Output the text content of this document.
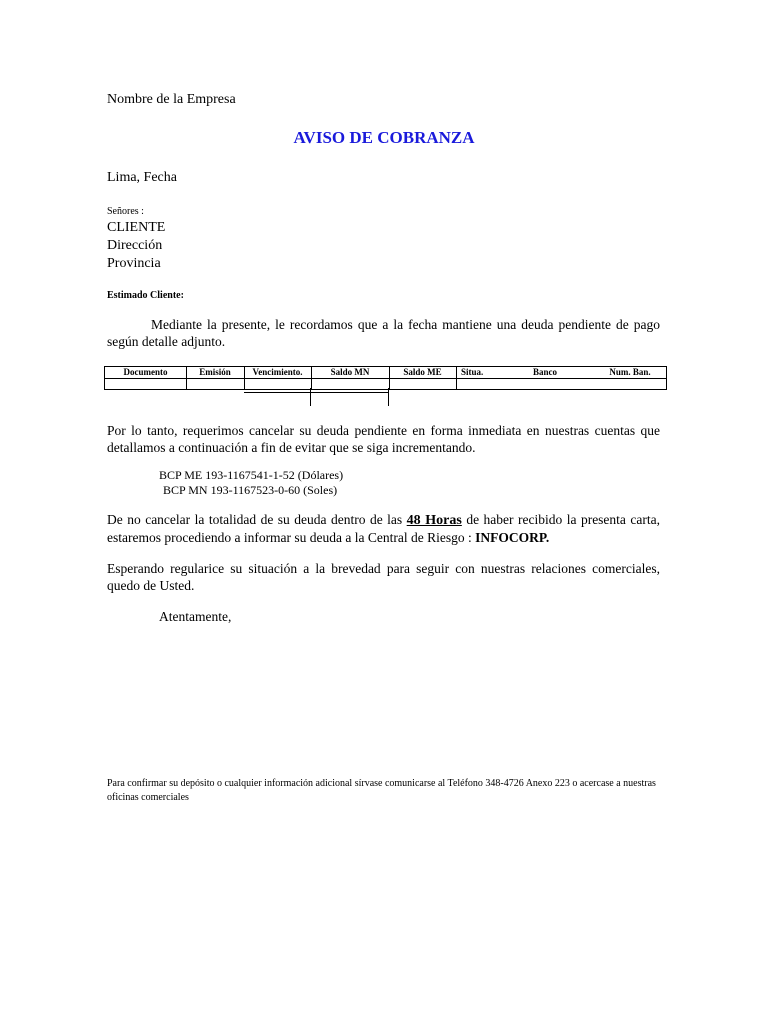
Nombre de la Empresa
AVISO DE COBRANZA
Lima, Fecha
Señores :
CLIENTE
Dirección
Provincia
Estimado Cliente:
Mediante la presente, le recordamos que a la fecha mantiene una deuda pendiente de pago según detalle adjunto.
Documento	Emisión	Vencimiento.	Saldo MN	Saldo ME	Situa.	Banco	Num. Ban.
Por lo tanto, requerimos cancelar su deuda pendiente en forma inmediata en nuestras cuentas que detallamos a continuación a fin de evitar que se siga incrementando.
BCP ME 193-1167541-1-52 (Dólares)
BCP MN 193-1167523-0-60 (Soles)
De no cancelar la totalidad de su deuda dentro de las 48 Horas de haber recibido la presenta carta, estaremos procediendo a informar su deuda a la Central de Riesgo : INFOCORP.
Esperando regularice su situación a la brevedad para seguir con nuestras relaciones comerciales, quedo de Usted.
Atentamente,
Para confirmar su depósito o cualquier información adicional sírvase comunicarse al Teléfono 348-4726 Anexo 223 o acercase a nuestras oficinas comerciales
